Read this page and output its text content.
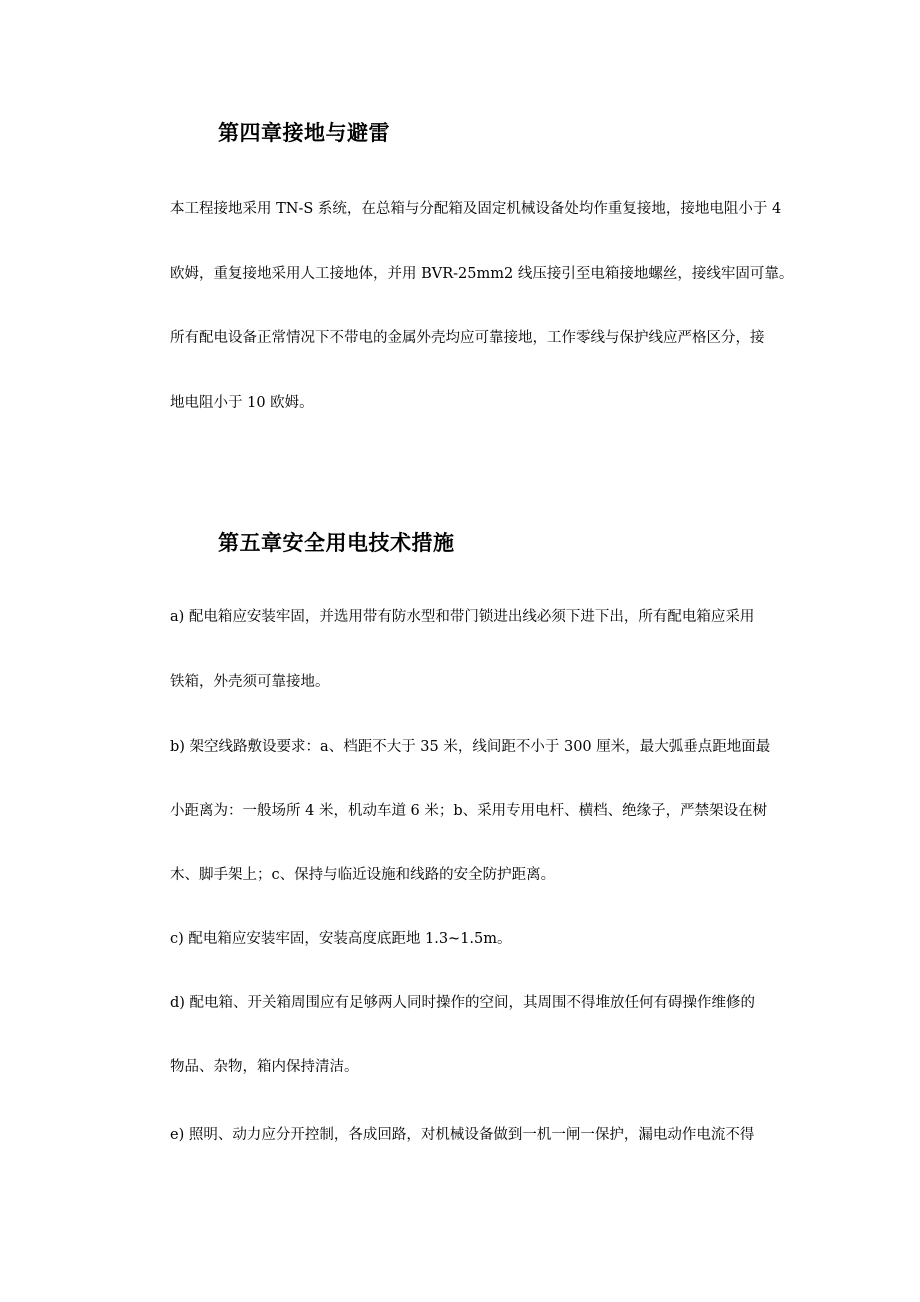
第四章接地与避雷

本工程接地采用 TN-S 系统，在总箱与分配箱及固定机械设备处均作重复接地，接地电阻小于 4

欧姆，重复接地采用人工接地体，并用 BVR-25mm2 线压接引至电箱接地螺丝，接线牢固可靠。

所有配电设备正常情况下不带电的金属外壳均应可靠接地，工作零线与保护线应严格区分，接

地电阻小于 10 欧姆。

第五章安全用电技术措施

a) 配电箱应安装牢固，并选用带有防水型和带门锁进出线必须下进下出，所有配电箱应采用

铁箱，外壳须可靠接地。

b) 架空线路敷设要求：a、档距不大于 35 米，线间距不小于 300 厘米，最大弧垂点距地面最

小距离为：一般场所 4 米，机动车道 6 米；b、采用专用电杆、横档、绝缘子，严禁架设在树

木、脚手架上；c、保持与临近设施和线路的安全防护距离。

c) 配电箱应安装牢固，安装高度底距地 1.3~1.5m。

d) 配电箱、开关箱周围应有足够两人同时操作的空间，其周围不得堆放任何有碍操作维修的

物品、杂物，箱内保持清洁。

e) 照明、动力应分开控制，各成回路，对机械设备做到一机一闸一保护，漏电动作电流不得
